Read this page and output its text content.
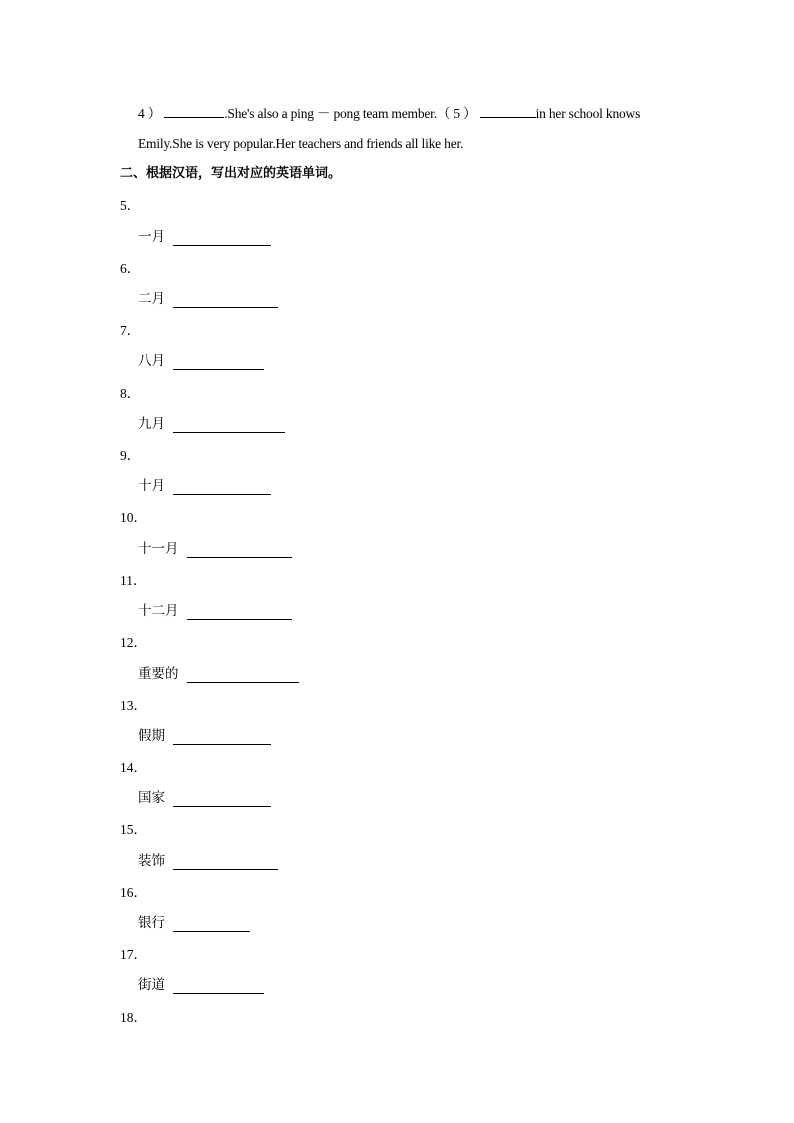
4 ）	.She's also a ping － pong team member.（ 5 ）	in her school knows
Emily.She is very popular.Her teachers and friends all like her.
二、根据汉语，写出对应的英语单词。
5．
一月
6．
二月
7．
八月
8．
九月
9．
十月
10．
十一月
11．
十二月
12．
重要的
13．
假期
14．
国家
15．
装饰
16．
银行
17．
街道
18．
